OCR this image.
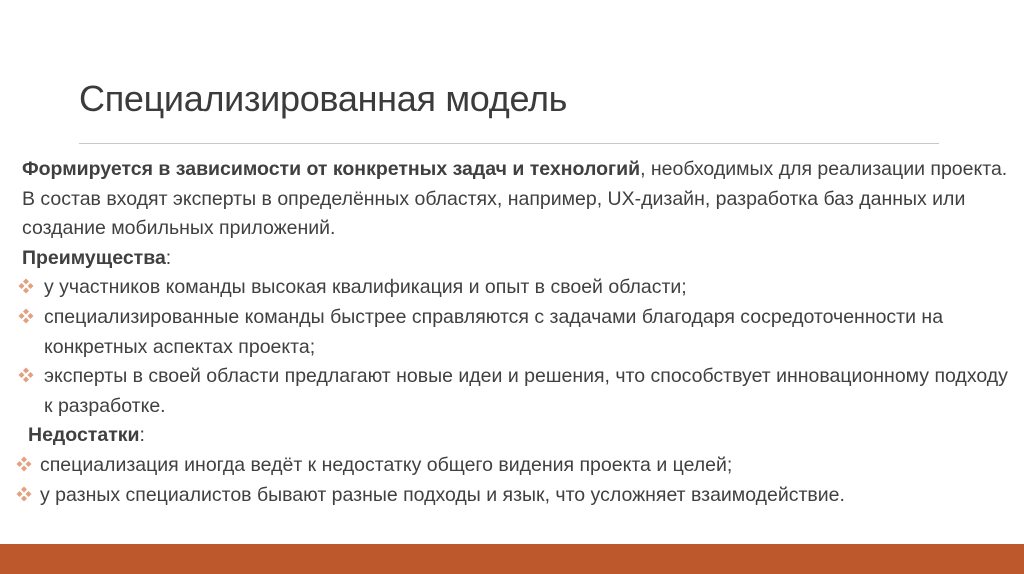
Специализированная модель
Формируется в зависимости от конкретных задач и технологий, необходимых для реализации проекта. В состав входят эксперты в определённых областях, например, UX-дизайн, разработка баз данных или создание мобильных приложений.
Преимущества:
у участников команды высокая квалификация и опыт в своей области;
специализированные команды быстрее справляются с задачами благодаря сосредоточенности на конкретных аспектах проекта;
эксперты в своей области предлагают новые идеи и решения, что способствует инновационному подходу к разработке.
Недостатки:
специализация иногда ведёт к недостатку общего видения проекта и целей;
у разных специалистов бывают разные подходы и язык, что усложняет взаимодействие.
